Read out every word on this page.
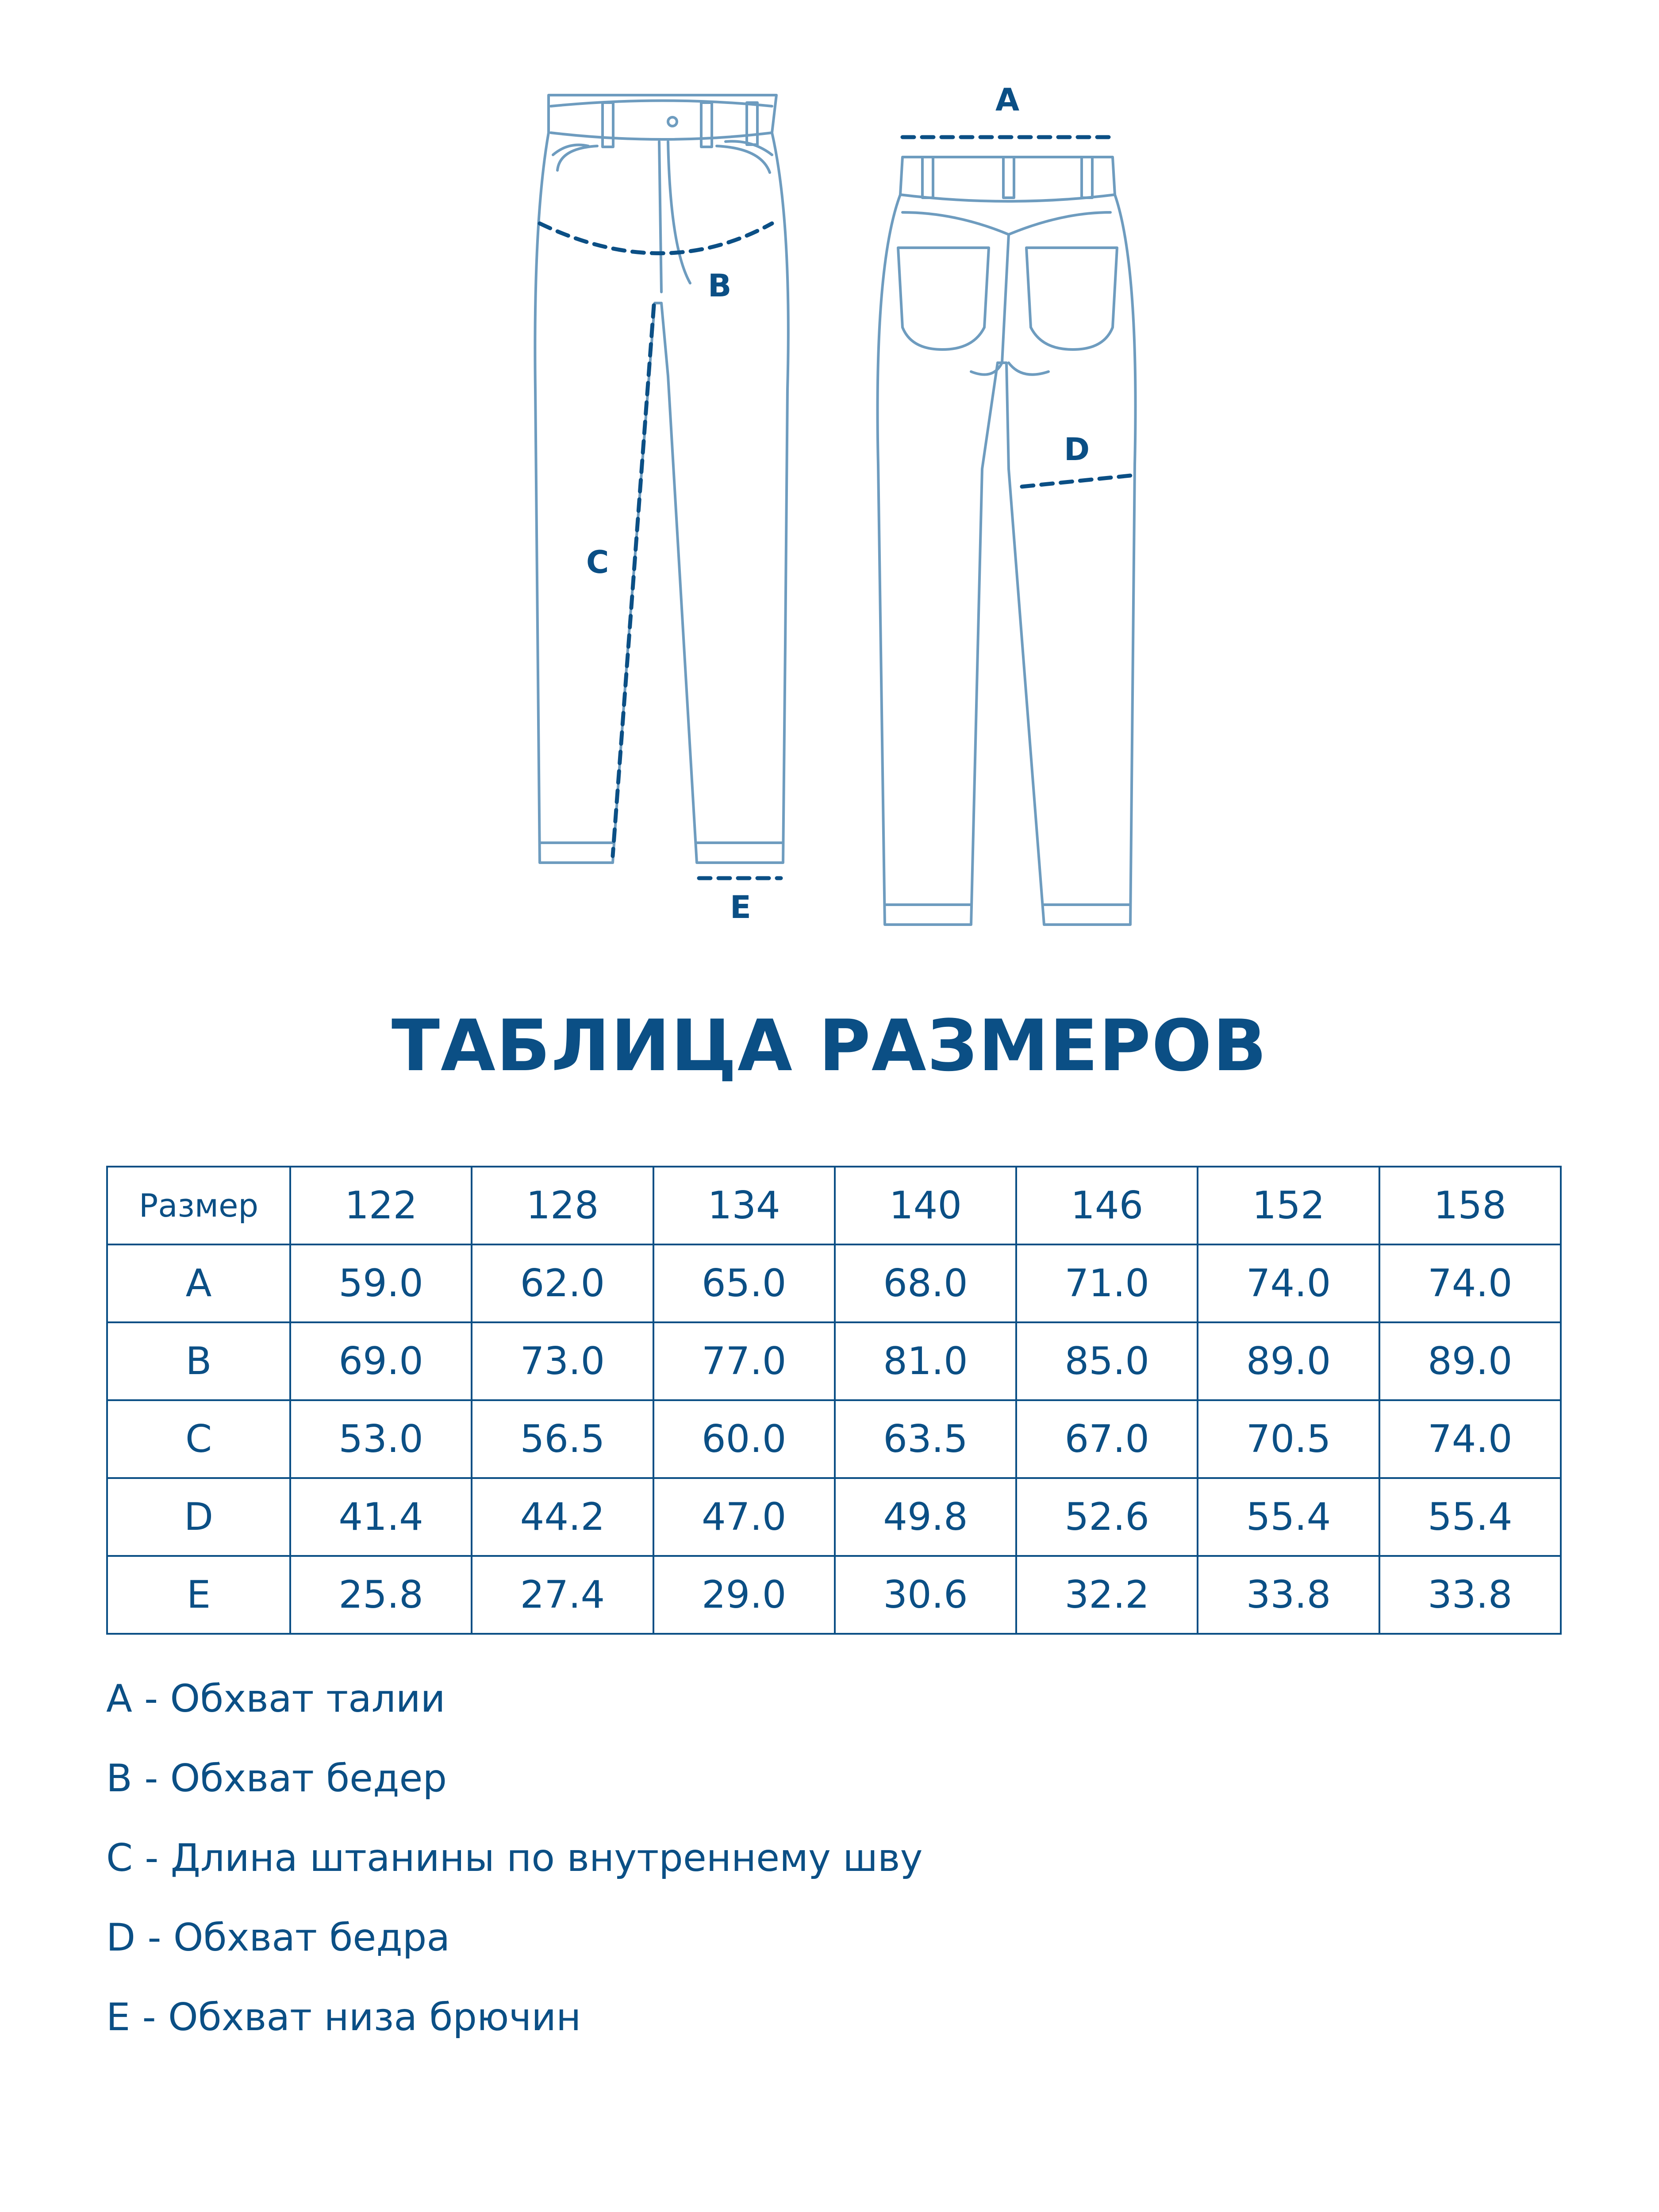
B
C
E
A
D
ТАБЛИЦА РАЗМЕРОВ
Размер	122	128	134	140	146	152	158
A	59.0	62.0	65.0	68.0	71.0	74.0	74.0
B	69.0	73.0	77.0	81.0	85.0	89.0	89.0
C	53.0	56.5	60.0	63.5	67.0	70.5	74.0
D	41.4	44.2	47.0	49.8	52.6	55.4	55.4
E	25.8	27.4	29.0	30.6	32.2	33.8	33.8
A - Обхват талии
B - Обхват бедер
C - Длина штанины по внутреннему шву
D - Обхват бедра
E - Обхват низа брючин
